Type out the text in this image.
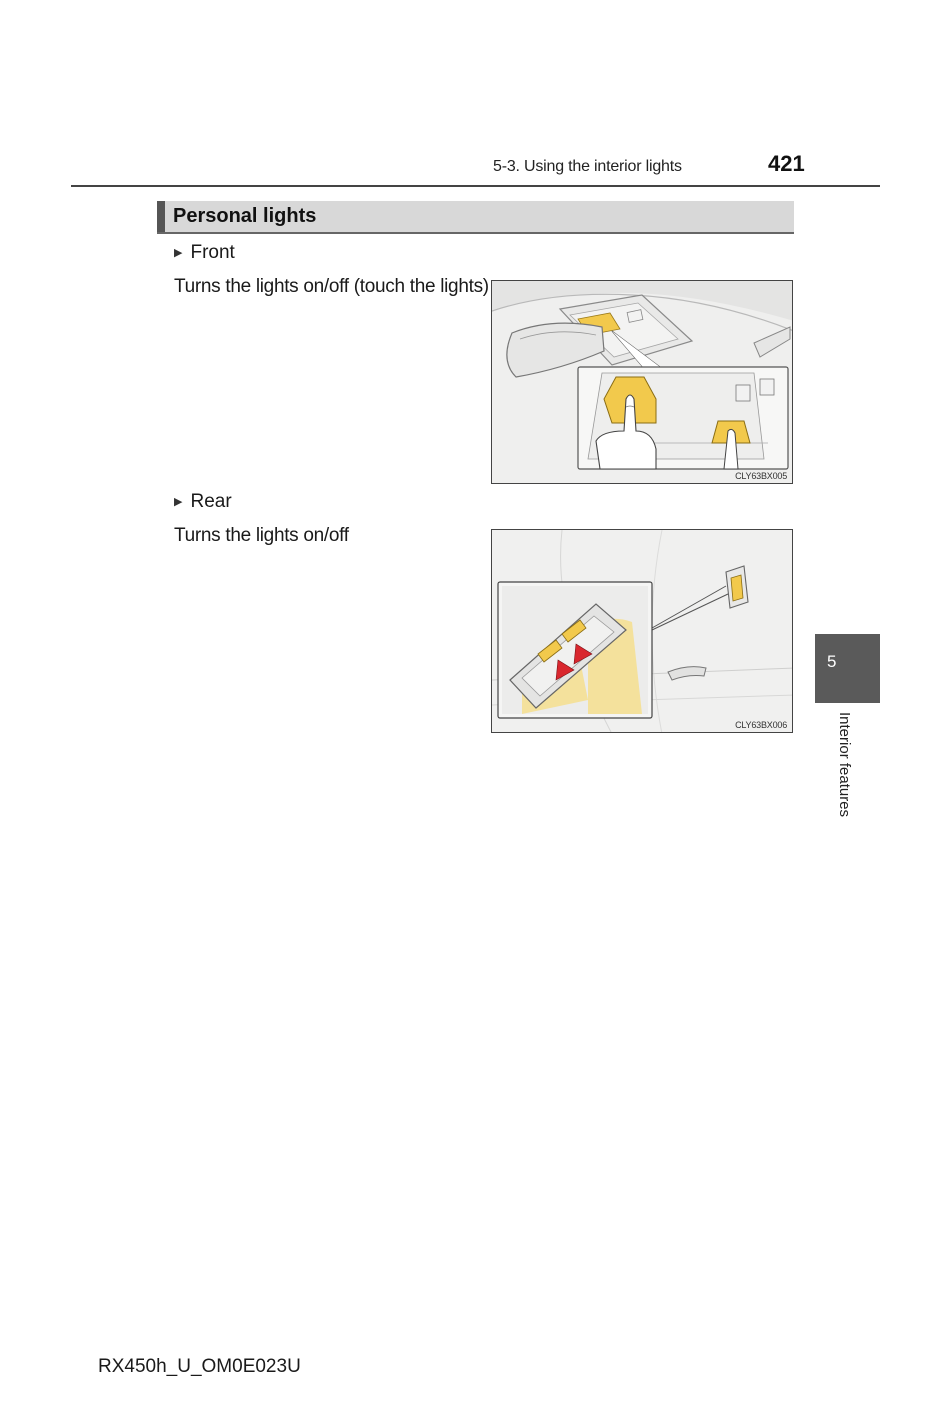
5-3. Using the interior lights	421
Personal lights
▶ Front
Turns the lights on/off (touch the lights)
CLY63BX005
▶ Rear
Turns the lights on/off
CLY63BX006
5
Interior features
RX450h_U_OM0E023U
